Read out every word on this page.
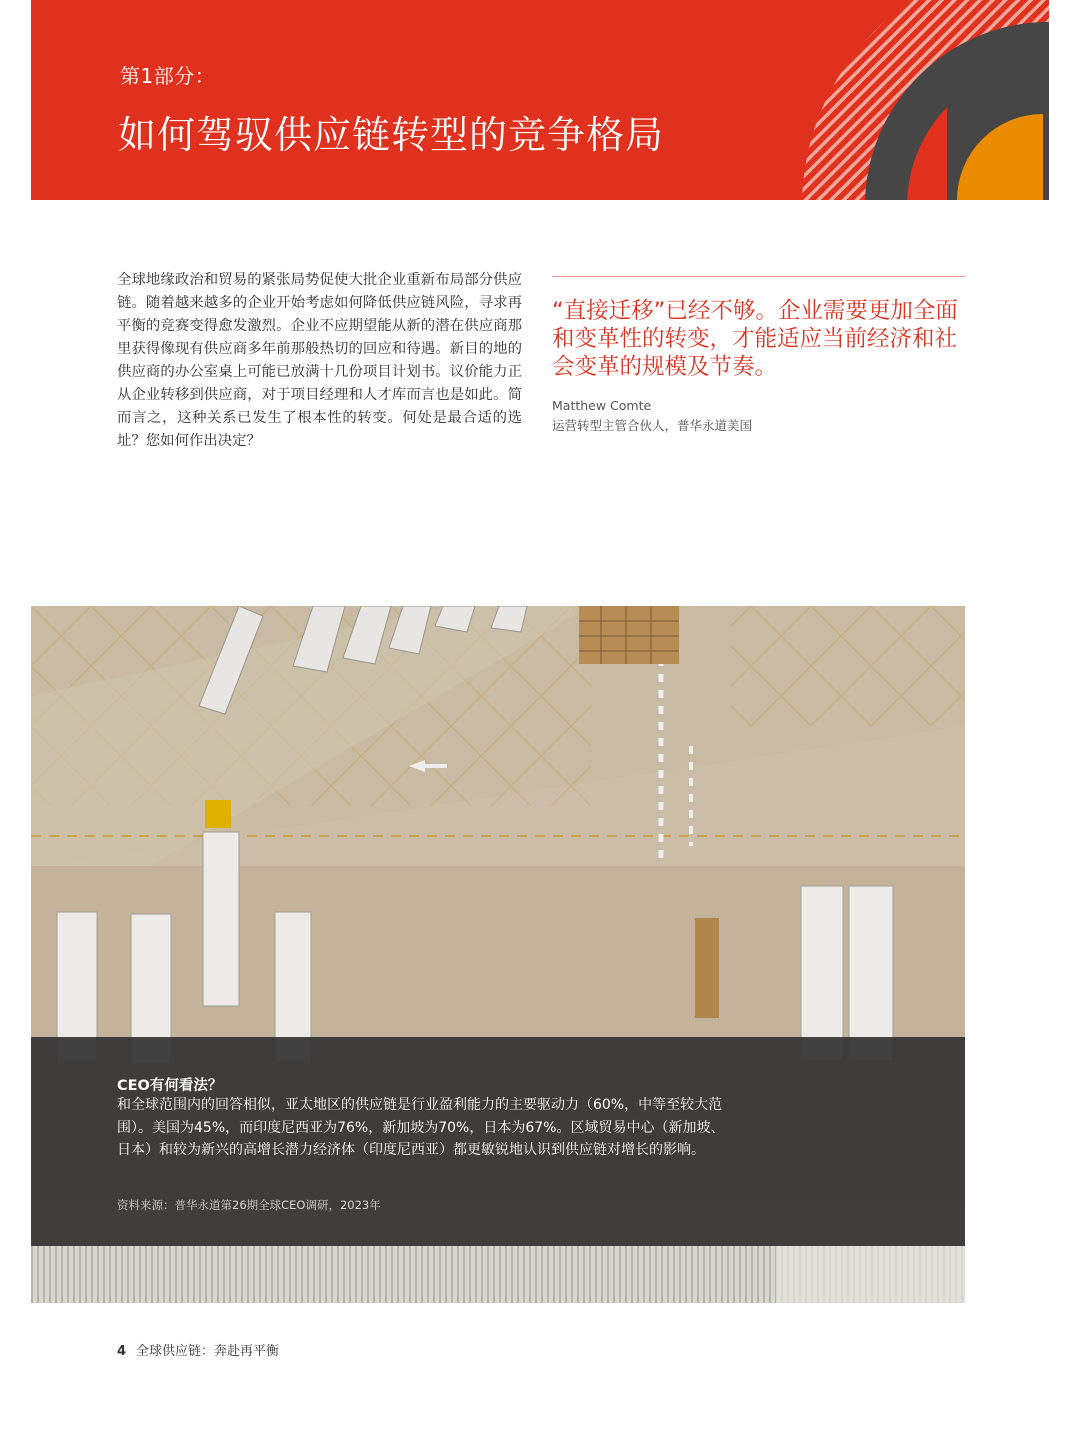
第1部分：
如何驾驭供应链转型的竞争格局
全球地缘政治和贸易的紧张局势促使大批企业重新布局部分供应链。随着越来越多的企业开始考虑如何降低供应链风险，寻求再平衡的竞赛变得愈发激烈。企业不应期望能从新的潜在供应商那里获得像现有供应商多年前那般热切的回应和待遇。新目的地的供应商的办公室桌上可能已放满十几份项目计划书。议价能力正从企业转移到供应商，对于项目经理和人才库而言也是如此。简而言之，这种关系已发生了根本性的转变。何处是最合适的选址？您如何作出决定？
“直接迁移”已经不够。企业需要更加全面和变革性的转变，才能适应当前经济和社会变革的规模及节奏。
Matthew Comte
运营转型主管合伙人，普华永道美国
CEO有何看法？
和全球范围内的回答相似，亚太地区的供应链是行业盈利能力的主要驱动力（60%，中等至较大范围）。美国为45%，而印度尼西亚为76%，新加坡为70%，日本为67%。区域贸易中心（新加坡、日本）和较为新兴的高增长潜力经济体（印度尼西亚）都更敏锐地认识到供应链对增长的影响。
资料来源：普华永道第26期全球CEO调研，2023年
4 全球供应链：奔赴再平衡
